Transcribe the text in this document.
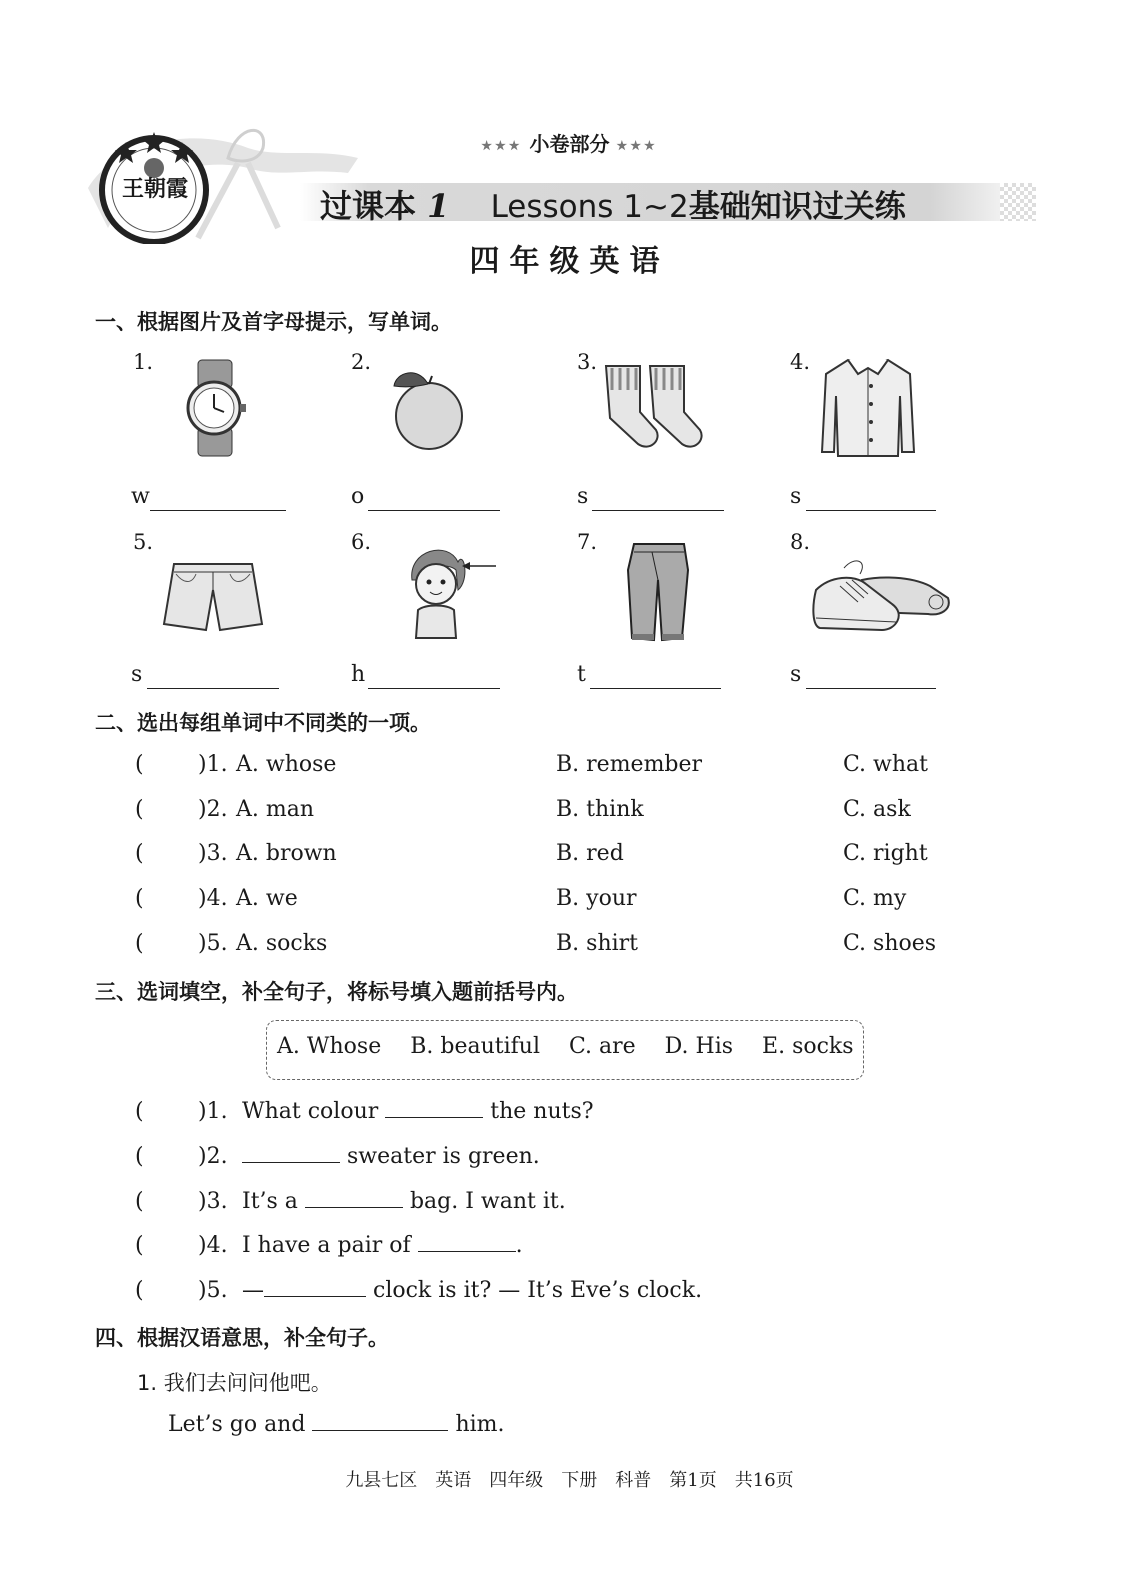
王朝霞
★★★ 小卷部分 ★★★
过课本 1 Lessons 1~2基础知识过关练
四年级英语
一、根据图片及首字母提示，写单词。
1.	2.	3.	4.
w	o	s	s
5.	6.	7.	8.
s	h	t	s
二、选出每组单词中不同类的一项。
( )1. A. whose	B. remember	C. what
( )2. A. man	B. think	C. ask
( )3. A. brown	B. red	C. right
( )4. A. we	B. your	C. my
( )5. A. socks	B. shirt	C. shoes
三、选词填空，补全句子，将标号填入题前括号内。
A. Whose B. beautiful C. are D. His E. socks
( )1. What colour	the nuts?
( )2.	sweater is green.
( )3. It’s a	bag. I want it.
( )4. I have a pair of	.
( )5. —	clock is it? — It’s Eve’s clock.
四、根据汉语意思，补全句子。
1. 我们去问问他吧。
Let’s go and	him.
九县七区　英语　四年级　下册　科普　第1页　共16页
